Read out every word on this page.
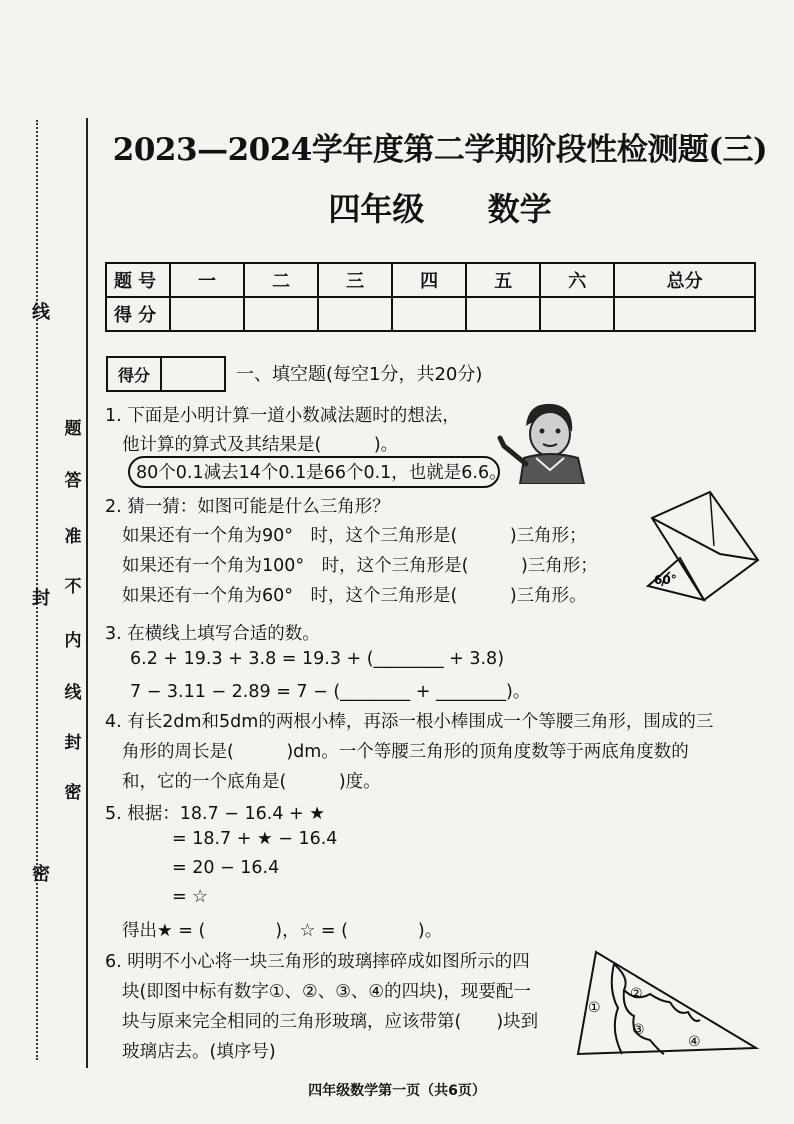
线
封
密
题
答
准
不
内
线
封
密
2023—2024学年度第二学期阶段性检测题(三)
四年级 数学
题号	一	二	三	四	五	六	总分
得分							
得分	一、填空题(每空1分，共20分)
1. 下面是小明计算一道小数减法题时的想法，
他计算的算式及其结果是(　　　)。
80个0.1减去14个0.1是66个0.1，也就是6.6。
2. 猜一猜：如图可能是什么三角形？
如果还有一个角为90°　时，这个三角形是(　　　)三角形；
如果还有一个角为100°　时，这个三角形是(　　　)三角形；
如果还有一个角为60°　时，这个三角形是(　　　)三角形。
60°
3. 在横线上填写合适的数。
6.2 + 19.3 + 3.8 = 19.3 + (________ + 3.8)
7 − 3.11 − 2.89 = 7 − (________ + ________)。
4. 有长2dm和5dm的两根小棒，再添一根小棒围成一个等腰三角形，围成的三
角形的周长是(　　　)dm。一个等腰三角形的顶角度数等于两底角度数的
和，它的一个底角是(　　　)度。
5. 根据：18.7 − 16.4 + ★
= 18.7 + ★ − 16.4
= 20 − 16.4
= ☆
得出★ = (　　　　)，☆ = (　　　　)。
6. 明明不小心将一块三角形的玻璃摔碎成如图所示的四
块(即图中标有数字①、②、③、④的四块)，现要配一
块与原来完全相同的三角形玻璃，应该带第(　　)块到
玻璃店去。(填序号)
①
②
③
④
四年级数学第一页（共6页）
